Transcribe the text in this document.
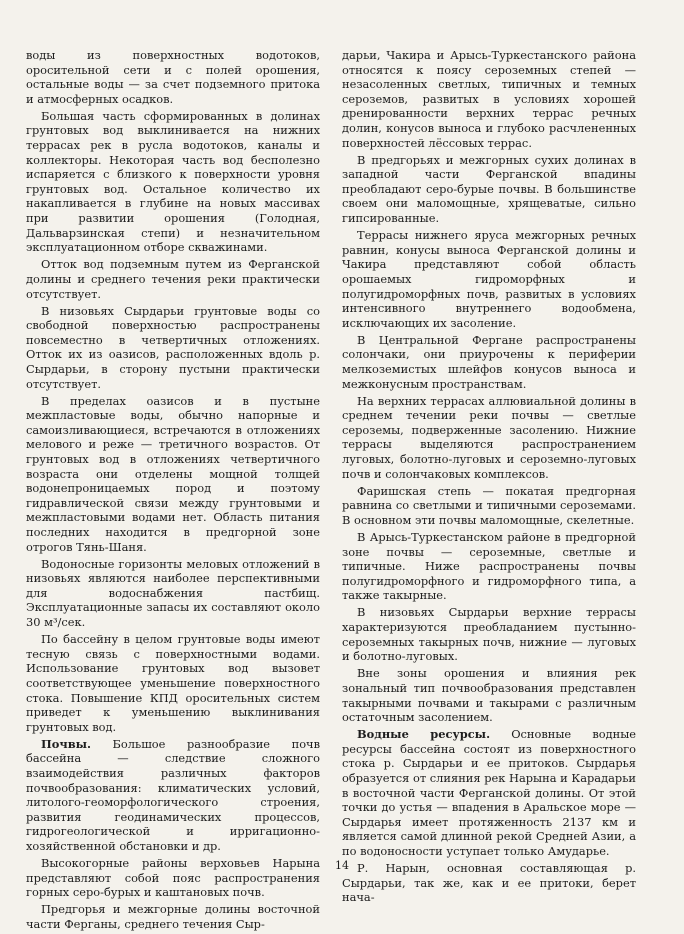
воды из поверхностных водотоков, оросительной сети и с полей орошения, остальные воды — за счет подземного притока и атмосферных осадков.

Большая часть сформированных в долинах грунтовых вод выклинивается на нижних террасах рек в русла водотоков, каналы и коллекторы. Некоторая часть вод бесполезно испаряется с близкого к поверхности уровня грунтовых вод. Остальное количество их накапливается в глубине на новых массивах при развитии орошения (Голодная, Дальварзинская степи) и незначительном эксплуатационном отборе скважинами.

Отток вод подземным путем из Ферганской долины и среднего течения реки практически отсутствует.

В низовьях Сырдарьи грунтовые воды со свободной поверхностью распространены повсеместно в четвертичных отложениях. Отток их из оазисов, расположенных вдоль р. Сырдарьи, в сторону пустыни практически отсутствует.

В пределах оазисов и в пустыне межпластовые воды, обычно напорные и самоизливающиеся, встречаются в отложениях мелового и реже — третичного возрастов. От грунтовых вод в отложениях четвертичного возраста они отделены мощной толщей водонепроницаемых пород и поэтому гидравлической связи между грунтовыми и межпластовыми водами нет. Область питания последних находится в предгорной зоне отрогов Тянь-Шаня.

Водоносные горизонты меловых отложений в низовьях являются наиболее перспективными для водоснабжения пастбищ. Эксплуатационные запасы их составляют около 30 м³/сек.

По бассейну в целом грунтовые воды имеют тесную связь с поверхностными водами. Использование грунтовых вод вызовет соответствующее уменьшение поверхностного стока. Повышение КПД оросительных систем приведет к уменьшению выклинивания грунтовых вод.

Почвы. Большое разнообразие почв бассейна — следствие сложного взаимодействия различных факторов почвообразования: климатических условий, литолого-геоморфологического строения, развития геодинамических процессов, гидрогеологической и ирригационно-хозяйственной обстановки и др.

Высокогорные районы верховьев Нарына представляют собой пояс распространения горных серо-бурых и каштановых почв.

Предгорья и межгорные долины восточной части Ферганы, среднего течения Сыр-

дарьи, Чакира и Арысь-Туркестанского района относятся к поясу сероземных степей — незасоленных светлых, типичных и темных сероземов, развитых в условиях хорошей дренированности верхних террас речных долин, конусов выноса и глубоко расчлененных поверхностей лёссовых террас.

В предгорьях и межгорных сухих долинах в западной части Ферганской впадины преобладают серо-бурые почвы. В большинстве своем они маломощные, хрящеватые, сильно гипсированные.

Террасы нижнего яруса межгорных речных равнин, конусы выноса Ферганской долины и Чакира представляют собой область орошаемых гидроморфных и полугидроморфных почв, развитых в условиях интенсивного внутреннего водообмена, исключающих их засоление.

В Центральной Фергане распространены солончаки, они приурочены к периферии мелкоземистых шлейфов конусов выноса и межконусным пространствам.

На верхних террасах аллювиальной долины в среднем течении реки почвы — светлые сероземы, подверженные засолению. Нижние террасы выделяются распространением луговых, болотно-луговых и сероземно-луговых почв и солончаковых комплексов.

Фаришская степь — покатая предгорная равнина со светлыми и типичными сероземами. В основном эти почвы маломощные, скелетные.

В Арысь-Туркестанском районе в предгорной зоне почвы — сероземные, светлые и типичные. Ниже распространены почвы полугидроморфного и гидроморфного типа, а также такырные.

В низовьях Сырдарьи верхние террасы характеризуются преобладанием пустынно-сероземных такырных почв, нижние — луговых и болотно-луговых.

Вне зоны орошения и влияния рек зональный тип почвообразования представлен такырными почвами и такырами с различным остаточным засолением.

Водные ресурсы. Основные водные ресурсы бассейна состоят из поверхностного стока р. Сырдарьи и ее притоков. Сырдарья образуется от слияния рек Нарына и Карадарьи в восточной части Ферганской долины. От этой точки до устья — впадения в Аральское море — Сырдарья имеет протяженность 2137 км и является самой длинной рекой Средней Азии, а по водоносности уступает только Амударье.

Р. Нарын, основная составляющая р. Сырдарьи, так же, как и ее притоки, берет нача-

14
